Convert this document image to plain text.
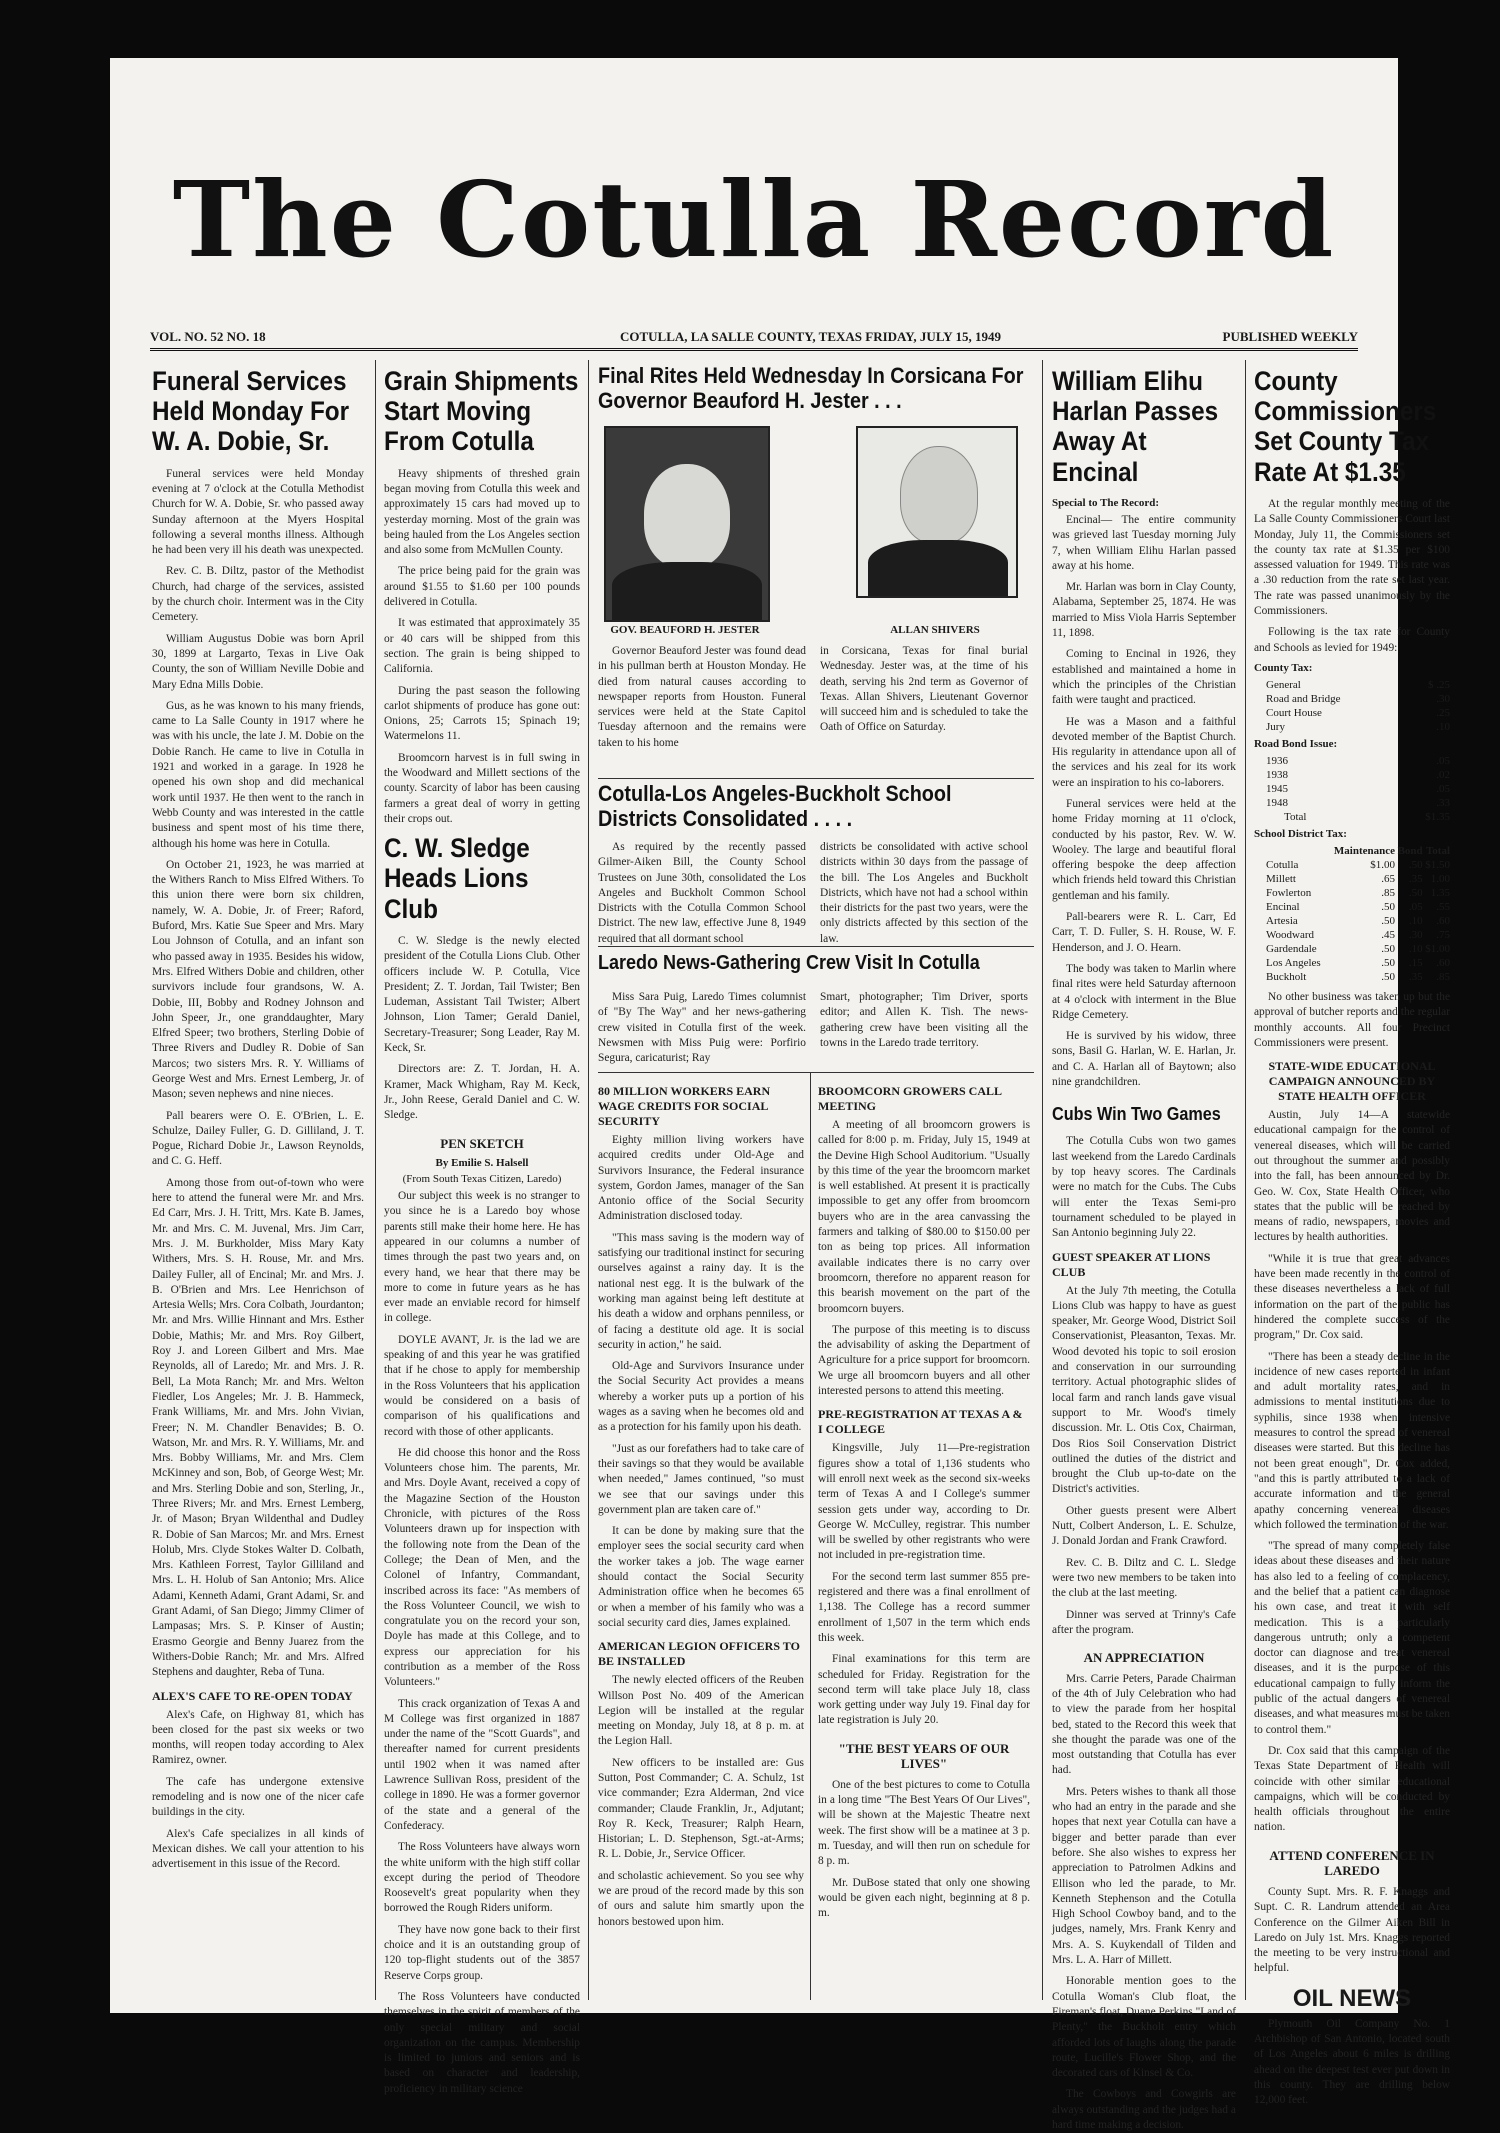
The Cotulla Record
VOL. NO. 52 NO. 18	COTULLA, LA SALLE COUNTY, TEXAS FRIDAY, JULY 15, 1949	PUBLISHED WEEKLY
Funeral Services Held Monday For W. A. Dobie, Sr.

Funeral services were held Monday evening at 7 o'clock at the Cotulla Methodist Church for W. A. Dobie, Sr. who passed away Sunday afternoon at the Myers Hospital following a several months illness. Although he had been very ill his death was unexpected.

Rev. C. B. Diltz, pastor of the Methodist Church, had charge of the services, assisted by the church choir. Interment was in the City Cemetery.

William Augustus Dobie was born April 30, 1899 at Largarto, Texas in Live Oak County, the son of William Neville Dobie and Mary Edna Mills Dobie.

Gus, as he was known to his many friends, came to La Salle County in 1917 where he was with his uncle, the late J. M. Dobie on the Dobie Ranch. He came to live in Cotulla in 1921 and worked in a garage. In 1928 he opened his own shop and did mechanical work until 1937. He then went to the ranch in Webb County and was interested in the cattle business and spent most of his time there, although his home was here in Cotulla.

On October 21, 1923, he was married at the Withers Ranch to Miss Elfred Withers. To this union there were born six children, namely, W. A. Dobie, Jr. of Freer; Raford, Buford, Mrs. Katie Sue Speer and Mrs. Mary Lou Johnson of Cotulla, and an infant son who passed away in 1935. Besides his widow, Mrs. Elfred Withers Dobie and children, other survivors include four grandsons, W. A. Dobie, III, Bobby and Rodney Johnson and John Speer, Jr., one granddaughter, Mary Elfred Speer; two brothers, Sterling Dobie of Three Rivers and Dudley R. Dobie of San Marcos; two sisters Mrs. R. Y. Williams of George West and Mrs. Ernest Lemberg, Jr. of Mason; seven nephews and nine nieces.

Pall bearers were O. E. O'Brien, L. E. Schulze, Dailey Fuller, G. D. Gilliland, J. T. Pogue, Richard Dobie Jr., Lawson Reynolds, and C. G. Heff.

Among those from out-of-town who were here to attend the funeral were Mr. and Mrs. Ed Carr, Mrs. J. H. Tritt, Mrs. Kate B. James, Mr. and Mrs. C. M. Juvenal, Mrs. Jim Carr, Mrs. J. M. Burkholder, Miss Mary Katy Withers, Mrs. S. H. Rouse, Mr. and Mrs. Dailey Fuller, all of Encinal; Mr. and Mrs. J. B. O'Brien and Mrs. Lee Henrichson of Artesia Wells; Mrs. Cora Colbath, Jourdanton; Mr. and Mrs. Willie Hinnant and Mrs. Esther Dobie, Mathis; Mr. and Mrs. Roy Gilbert, Roy J. and Loreen Gilbert and Mrs. Mae Reynolds, all of Laredo; Mr. and Mrs. J. R. Bell, La Mota Ranch; Mr. and Mrs. Welton Fiedler, Los Angeles; Mr. J. B. Hammeck, Frank Williams, Mr. and Mrs. John Vivian, Freer; N. M. Chandler Benavides; B. O. Watson, Mr. and Mrs. R. Y. Williams, Mr. and Mrs. Bobby Williams, Mr. and Mrs. Clem McKinney and son, Bob, of George West; Mr. and Mrs. Sterling Dobie and son, Sterling, Jr., Three Rivers; Mr. and Mrs. Ernest Lemberg, Jr. of Mason; Bryan Wildenthal and Dudley R. Dobie of San Marcos; Mr. and Mrs. Ernest Holub, Mrs. Clyde Stokes Walter D. Colbath, Mrs. Kathleen Forrest, Taylor Gilliland and Mrs. L. H. Holub of San Antonio; Mrs. Alice Adami, Kenneth Adami, Grant Adami, Sr. and Grant Adami, of San Diego; Jimmy Climer of Lampasas; Mrs. S. P. Kinser of Austin; Erasmo Georgie and Benny Juarez from the Withers-Dobie Ranch; Mr. and Mrs. Alfred Stephens and daughter, Reba of Tuna.

ALEX'S CAFE TO RE-OPEN TODAY

Alex's Cafe, on Highway 81, which has been closed for the past six weeks or two months, will reopen today according to Alex Ramirez, owner.

The cafe has undergone extensive remodeling and is now one of the nicer cafe buildings in the city.

Alex's Cafe specializes in all kinds of Mexican dishes. We call your attention to his advertisement in this issue of the Record.

Grain Shipments Start Moving From Cotulla

Heavy shipments of threshed grain began moving from Cotulla this week and approximately 15 cars had moved up to yesterday morning. Most of the grain was being hauled from the Los Angeles section and also some from McMullen County.

The price being paid for the grain was around $1.55 to $1.60 per 100 pounds delivered in Cotulla.

It was estimated that approximately 35 or 40 cars will be shipped from this section. The grain is being shipped to California.

During the past season the following carlot shipments of produce has gone out: Onions, 25; Carrots 15; Spinach 19; Watermelons 11.

Broomcorn harvest is in full swing in the Woodward and Millett sections of the county. Scarcity of labor has been causing farmers a great deal of worry in getting their crops out.

C. W. Sledge Heads Lions Club

C. W. Sledge is the newly elected president of the Cotulla Lions Club. Other officers include W. P. Cotulla, Vice President; Z. T. Jordan, Tail Twister; Ben Ludeman, Assistant Tail Twister; Albert Johnson, Lion Tamer; Gerald Daniel, Secretary-Treasurer; Song Leader, Ray M. Keck, Sr.

Directors are: Z. T. Jordan, H. A. Kramer, Mack Whigham, Ray M. Keck, Jr., John Reese, Gerald Daniel and C. W. Sledge.

PEN SKETCH
By Emilie S. Halsell
(From South Texas Citizen, Laredo)

Our subject this week is no stranger to you since he is a Laredo boy whose parents still make their home here. He has appeared in our columns a number of times through the past two years and, on every hand, we hear that there may be more to come in future years as he has ever made an enviable record for himself in college.

DOYLE AVANT, Jr. is the lad we are speaking of and this year he was gratified that if he chose to apply for membership in the Ross Volunteers that his application would be considered on a basis of comparison of his qualifications and record with those of other applicants.

He did choose this honor and the Ross Volunteers chose him. The parents, Mr. and Mrs. Doyle Avant, received a copy of the Magazine Section of the Houston Chronicle, with pictures of the Ross Volunteers drawn up for inspection with the following note from the Dean of the College; the Dean of Men, and the Colonel of Infantry, Commandant, inscribed across its face: "As members of the Ross Volunteer Council, we wish to congratulate you on the record your son, Doyle has made at this College, and to express our appreciation for his contribution as a member of the Ross Volunteers."

This crack organization of Texas A and M College was first organized in 1887 under the name of the "Scott Guards", and thereafter named for current presidents until 1902 when it was named after Lawrence Sullivan Ross, president of the college in 1890. He was a former governor of the state and a general of the Confederacy.

The Ross Volunteers have always worn the white uniform with the high stiff collar except during the period of Theodore Roosevelt's great popularity when they borrowed the Rough Riders uniform.

They have now gone back to their first choice and it is an outstanding group of 120 top-flight students out of the 3857 Reserve Corps group.

The Ross Volunteers have conducted themselves in the spirit of members of the only special military and social organization on the campus. Membership is limited to juniors and seniors and is based on character and leadership, proficiency in military science

Final Rites Held Wednesday In Corsicana For Governor Beauford H. Jester . . .
GOV. BEAUFORD H. JESTER	ALLAN SHIVERS

Governor Beauford Jester was found dead in his pullman berth at Houston Monday. He died from natural causes according to newspaper reports from Houston. Funeral services were held at the State Capitol Tuesday afternoon and the remains were taken to his home

in Corsicana, Texas for final burial Wednesday. Jester was, at the time of his death, serving his 2nd term as Governor of Texas. Allan Shivers, Lieutenant Governor will succeed him and is scheduled to take the Oath of Office on Saturday.

Cotulla-Los Angeles-Buckholt School Districts Consolidated . . . .

As required by the recently passed Gilmer-Aiken Bill, the County School Trustees on June 30th, consolidated the Los Angeles and Buckholt Common School Districts with the Cotulla Common School District. The new law, effective June 8, 1949 required that all dormant school

districts be consolidated with active school districts within 30 days from the passage of the bill. The Los Angeles and Buckholt Districts, which have not had a school within their districts for the past two years, were the only districts affected by this section of the law.

Laredo News-Gathering Crew Visit In Cotulla

Miss Sara Puig, Laredo Times columnist of "By The Way" and her news-gathering crew visited in Cotulla first of the week. Newsmen with Miss Puig were: Porfirio Segura, caricaturist; Ray

Smart, photographer; Tim Driver, sports editor; and Allen K. Tish. The news-gathering crew have been visiting all the towns in the Laredo trade territory.

80 MILLION WORKERS EARN WAGE CREDITS FOR SOCIAL SECURITY

Eighty million living workers have acquired credits under Old-Age and Survivors Insurance, the Federal insurance system, Gordon James, manager of the San Antonio office of the Social Security Administration disclosed today.

"This mass saving is the modern way of satisfying our traditional instinct for securing ourselves against a rainy day. It is the national nest egg. It is the bulwark of the working man against being left destitute at his death a widow and orphans penniless, or of facing a destitute old age. It is social security in action," he said.

Old-Age and Survivors Insurance under the Social Security Act provides a means whereby a worker puts up a portion of his wages as a saving when he becomes old and as a protection for his family upon his death.

"Just as our forefathers had to take care of their savings so that they would be available when needed," James continued, "so must we see that our savings under this government plan are taken care of."

It can be done by making sure that the employer sees the social security card when the worker takes a job. The wage earner should contact the Social Security Administration office when he becomes 65 or when a member of his family who was a social security card dies, James explained.

AMERICAN LEGION OFFICERS TO BE INSTALLED

The newly elected officers of the Reuben Willson Post No. 409 of the American Legion will be installed at the regular meeting on Monday, July 18, at 8 p. m. at the Legion Hall.

New officers to be installed are: Gus Sutton, Post Commander; C. A. Schulz, 1st vice commander; Ezra Alderman, 2nd vice commander; Claude Franklin, Jr., Adjutant; Roy R. Keck, Treasurer; Ralph Hearn, Historian; L. D. Stephenson, Sgt.-at-Arms; R. L. Dobie, Jr., Service Officer.

and scholastic achievement. So you see why we are proud of the record made by this son of ours and salute him smartly upon the honors bestowed upon him.

BROOMCORN GROWERS CALL MEETING

A meeting of all broomcorn growers is called for 8:00 p. m. Friday, July 15, 1949 at the Devine High School Auditorium. "Usually by this time of the year the broomcorn market is well established. At present it is practically impossible to get any offer from broomcorn buyers who are in the area canvassing the farmers and talking of $80.00 to $150.00 per ton as being top prices. All information available indicates there is no carry over broomcorn, therefore no apparent reason for this bearish movement on the part of the broomcorn buyers.

The purpose of this meeting is to discuss the advisability of asking the Department of Agriculture for a price support for broomcorn. We urge all broomcorn buyers and all other interested persons to attend this meeting.

PRE-REGISTRATION AT TEXAS A & I COLLEGE

Kingsville, July 11—Pre-registration figures show a total of 1,136 students who will enroll next week as the second six-weeks term of Texas A and I College's summer session gets under way, according to Dr. George W. McCulley, registrar. This number will be swelled by other registrants who were not included in pre-registration time.

For the second term last summer 855 pre-registered and there was a final enrollment of 1,138. The College has a record summer enrollment of 1,507 in the term which ends this week.

Final examinations for this term are scheduled for Friday. Registration for the second term will take place July 18, class work getting under way July 19. Final day for late registration is July 20.

"THE BEST YEARS OF OUR LIVES"

One of the best pictures to come to Cotulla in a long time "The Best Years Of Our Lives", will be shown at the Majestic Theatre next week. The first show will be a matinee at 3 p. m. Tuesday, and will then run on schedule for 8 p. m.

Mr. DuBose stated that only one showing would be given each night, beginning at 8 p. m.

William Elihu Harlan Passes Away At Encinal
Special to The Record:

Encinal— The entire community was grieved last Tuesday morning July 7, when William Elihu Harlan passed away at his home.

Mr. Harlan was born in Clay County, Alabama, September 25, 1874. He was married to Miss Viola Harris September 11, 1898.

Coming to Encinal in 1926, they established and maintained a home in which the principles of the Christian faith were taught and practiced.

He was a Mason and a faithful devoted member of the Baptist Church. His regularity in attendance upon all of the services and his zeal for its work were an inspiration to his co-laborers.

Funeral services were held at the home Friday morning at 11 o'clock, conducted by his pastor, Rev. W. W. Wooley. The large and beautiful floral offering bespoke the deep affection which friends held toward this Christian gentleman and his family.

Pall-bearers were R. L. Carr, Ed Carr, T. D. Fuller, S. H. Rouse, W. F. Henderson, and J. O. Hearn.

The body was taken to Marlin where final rites were held Saturday afternoon at 4 o'clock with interment in the Blue Ridge Cemetery.

He is survived by his widow, three sons, Basil G. Harlan, W. E. Harlan, Jr. and C. A. Harlan all of Baytown; also nine grandchildren.

Cubs Win Two Games

The Cotulla Cubs won two games last weekend from the Laredo Cardinals by top heavy scores. The Cardinals were no match for the Cubs. The Cubs will enter the Texas Semi-pro tournament scheduled to be played in San Antonio beginning July 22.

GUEST SPEAKER AT LIONS CLUB

At the July 7th meeting, the Cotulla Lions Club was happy to have as guest speaker, Mr. George Wood, District Soil Conservationist, Pleasanton, Texas. Mr. Wood devoted his topic to soil erosion and conservation in our surrounding territory. Actual photographic slides of local farm and ranch lands gave visual support to Mr. Wood's timely discussion. Mr. L. Otis Cox, Chairman, Dos Rios Soil Conservation District outlined the duties of the district and brought the Club up-to-date on the District's activities.

Other guests present were Albert Nutt, Colbert Anderson, L. E. Schulze, J. Donald Jordan and Frank Crawford.

Rev. C. B. Diltz and C. L. Sledge were two new members to be taken into the club at the last meeting.

Dinner was served at Trinny's Cafe after the program.

AN APPRECIATION

Mrs. Carrie Peters, Parade Chairman of the 4th of July Celebration who had to view the parade from her hospital bed, stated to the Record this week that she thought the parade was one of the most outstanding that Cotulla has ever had.

Mrs. Peters wishes to thank all those who had an entry in the parade and she hopes that next year Cotulla can have a bigger and better parade than ever before. She also wishes to express her appreciation to Patrolmen Adkins and Ellison who led the parade, to Mr. Kenneth Stephenson and the Cotulla High School Cowboy band, and to the judges, namely, Mrs. Frank Kenry and Mrs. A. S. Kuykendall of Tilden and Mrs. L. A. Harr of Millett.

Honorable mention goes to the Cotulla Woman's Club float, the Fireman's float, Duane Perkins "Land of Plenty," the Buckholt entry which afforded lots of laughs along the parade route, Lucille's Flower Shop, and the decorated cars of Kinsel & Co.

The Cowboys and Cowgirls are always outstanding and the judges had a hard time making a decision.

County Commissioners Set County Tax Rate At $1.35

At the regular monthly meeting of the La Salle County Commissioners Court last Monday, July 11, the Commissioners set the county tax rate at $1.35 per $100 assessed valuation for 1949. This rate was a .30 reduction from the rate set last year. The rate was passed unanimously by the Commissioners.

Following is the tax rate for County and Schools as levied for 1949:

County Tax:
General	$ .25
Road and Bridge	.30
Court House	.25
Jury	.10
Road Bond Issue:
1936	.05
1938	.02
1945	.05
1948	.33
Total	$1.35
School District Tax:
	Maintenance	Bond	Total
Cotulla	$1.00	.50	$1.50
Millett	.65	.35	1.00
Fowlerton	.85	.50	1.35
Encinal	.50	.05	.55
Artesia	.50	.10	.60
Woodward	.45	.30	.75
Gardendale	.50	.10	$1.00
Los Angeles	.50	.15	.60
Buckholt	.50	.35	.85

No other business was taken up but the approval of butcher reports and the regular monthly accounts. All four Precinct Commissioners were present.

STATE-WIDE EDUCATIONAL CAMPAIGN ANNOUNCED BY STATE HEALTH OFFICER

Austin, July 14—A statewide educational campaign for the control of venereal diseases, which will be carried out throughout the summer and possibly into the fall, has been announced by Dr. Geo. W. Cox, State Health Officer, who states that the public will be reached by means of radio, newspapers, movies and lectures by health authorities.

"While it is true that great advances have been made recently in the control of these diseases nevertheless a lack of full information on the part of the public has hindered the complete success of the program," Dr. Cox said.

"There has been a steady decline in the incidence of new cases reported in infant and adult mortality rates, and in admissions to mental institutions due to syphilis, since 1938 when intensive measures to control the spread of venereal diseases were started. But this decline has not been great enough", Dr. Cox added, "and this is partly attributed to a lack of accurate information and the general apathy concerning venereal diseases which followed the termination of the war.

"The spread of many completely false ideas about these diseases and their nature has also led to a feeling of complacency, and the belief that a patient can diagnose his own case, and treat it with self medication. This is a particularly dangerous untruth; only a competent doctor can diagnose and treat venereal diseases, and it is the purpose of this educational campaign to fully inform the public of the actual dangers of venereal diseases, and what measures must be taken to control them."

Dr. Cox said that this campaign of the Texas State Department of Health will coincide with other similar educational campaigns, which will be conducted by health officials throughout the entire nation.

ATTEND CONFERENCE IN LAREDO

County Supt. Mrs. R. F. Knaggs and Supt. C. R. Landrum attended an Area Conference on the Gilmer Aiken Bill in Laredo on July 1st. Mrs. Knaggs reported the meeting to be very instructional and helpful.

OIL NEWS

Plymouth Oil Company No. 1 Archbishop of San Antonio, located south of Los Angeles about 6 miles is drilling ahead on the deepest test ever put down in this county. They are drilling below 12,000 feet.
